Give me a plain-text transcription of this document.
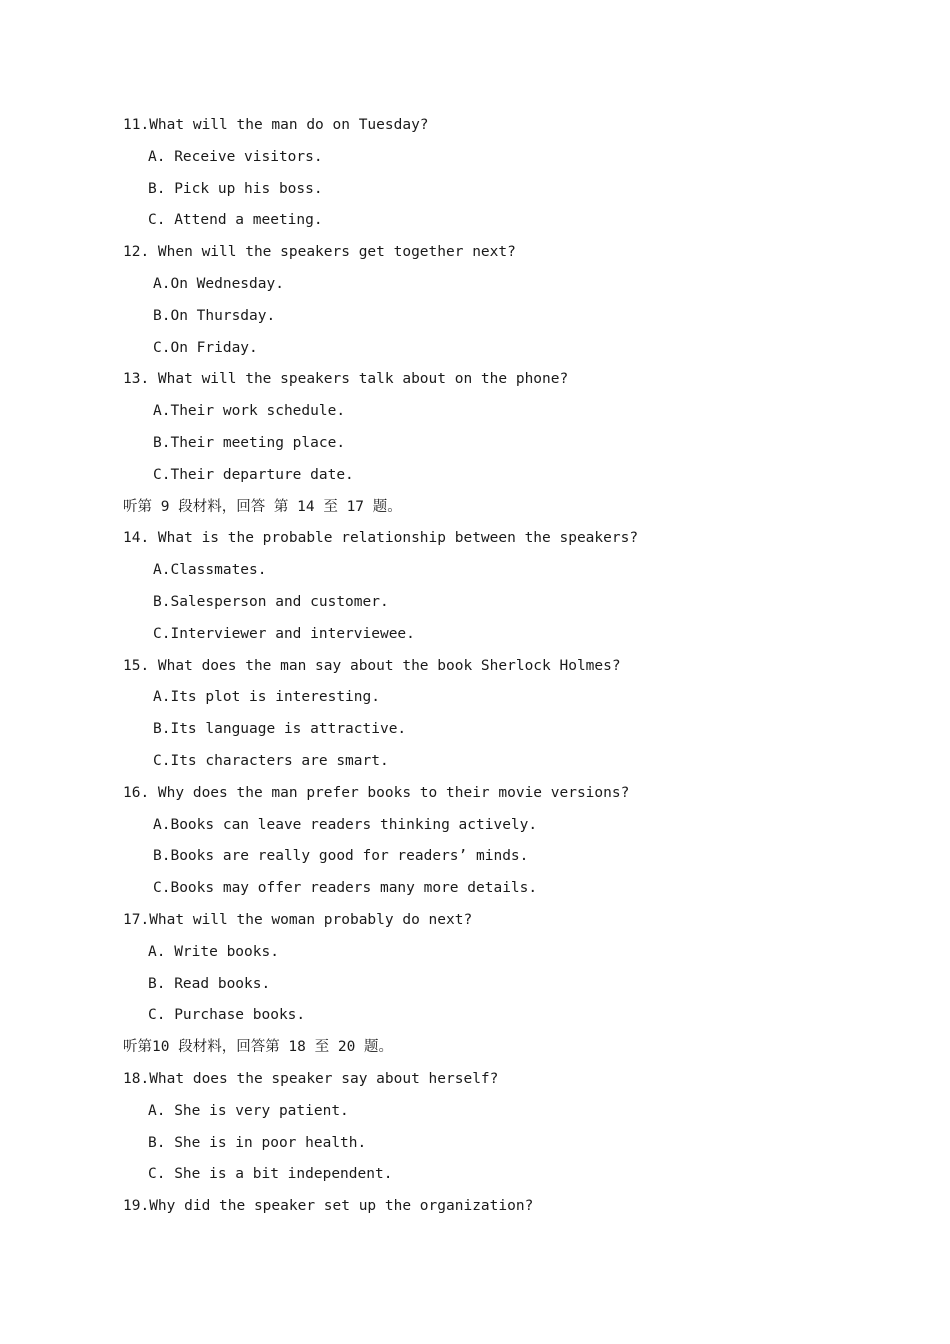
11.What will the man do on Tuesday?
A. Receive visitors.
B. Pick up his boss.
C. Attend a meeting.
12. When will the speakers get together next?
A.On Wednesday.
B.On Thursday.
C.On Friday.
13. What will the speakers talk about on the phone?
A.Their work schedule.
B.Their meeting place.
C.Their departure date.
听第 9 段材料，回答 第 14 至 17 题。
14. What is the probable relationship between the speakers?
A.Classmates.
B.Salesperson and customer.
C.Interviewer and interviewee.
15. What does the man say about the book Sherlock Holmes?
A.Its plot is interesting.
B.Its language is attractive.
C.Its characters are smart.
16. Why does the man prefer books to their movie versions?
A.Books can leave readers thinking actively.
B.Books are really good for readers’ minds.
C.Books may offer readers many more details.
17.What will the woman probably do next?
A. Write books.
B. Read books.
C. Purchase books.
听第10 段材料，回答第 18 至 20 题。
18.What does the speaker say about herself?
A. She is very patient.
B. She is in poor health.
C. She is a bit independent.
19.Why did the speaker set up the organization?
